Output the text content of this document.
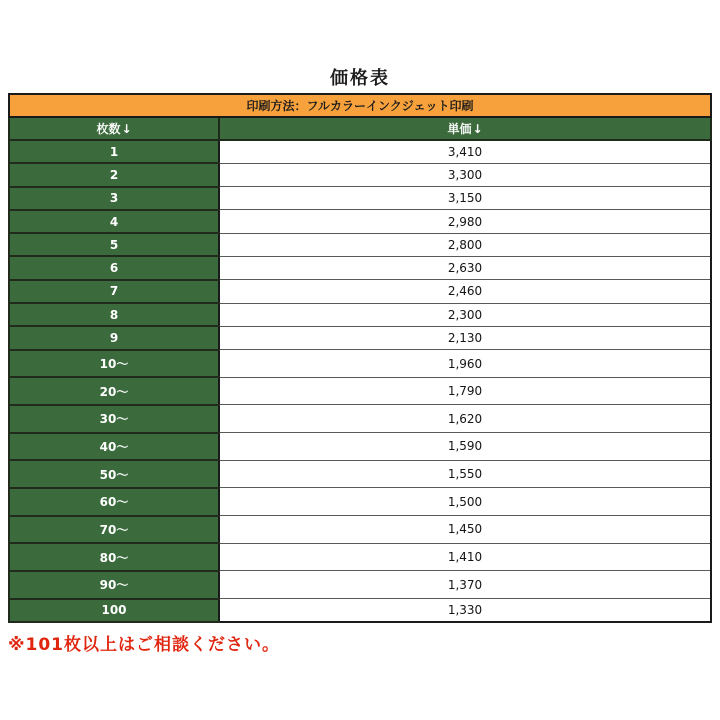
価格表
印刷方法：フルカラーインクジェット印刷	
枚数↓	単価↓
1	3,410
2	3,300
3	3,150
4	2,980
5	2,800
6	2,630
7	2,460
8	2,300
9	2,130
10～	1,960
20～	1,790
30～	1,620
40～	1,590
50～	1,550
60～	1,500
70～	1,450
80～	1,410
90～	1,370
100	1,330
※101枚以上はご相談ください。
